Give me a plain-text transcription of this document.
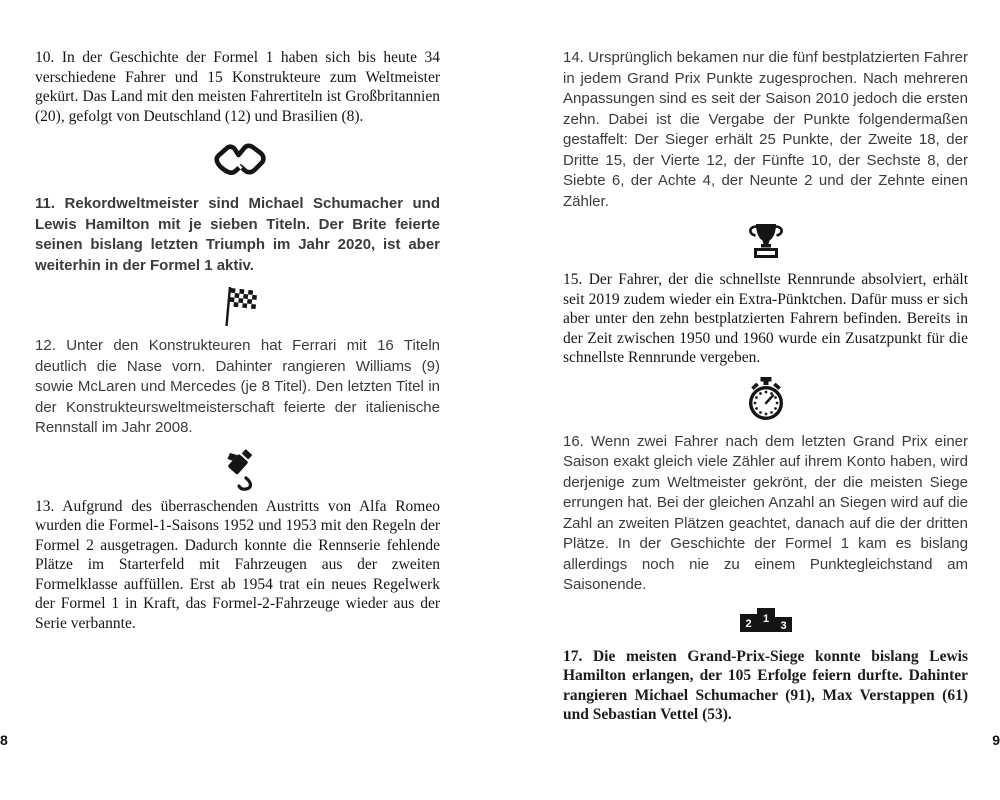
10. In der Geschichte der Formel 1 haben sich bis heute 34 verschiedene Fahrer und 15 Konstrukteure zum Weltmeister gekürt. Das Land mit den meisten Fahrertiteln ist Großbritannien (20), gefolgt von Deutschland (12) und Brasilien (8).

11. Rekordweltmeister sind Michael Schumacher und Lewis Hamilton mit je sieben Titeln. Der Brite feierte seinen bislang letzten Triumph im Jahr 2020, ist aber weiterhin in der Formel 1 aktiv.

12. Unter den Konstrukteuren hat Ferrari mit 16 Titeln deutlich die Nase vorn. Dahinter rangieren Williams (9) sowie McLaren und Mercedes (je 8 Titel). Den letzten Titel in der Konstrukteursweltmeisterschaft feierte der italienische Rennstall im Jahr 2008.

13. Aufgrund des überraschenden Austritts von Alfa Romeo wurden die Formel-1-Saisons 1952 und 1953 mit den Regeln der Formel 2 ausgetragen. Dadurch konnte die Rennserie fehlende Plätze im Starterfeld mit Fahrzeugen aus der zweiten Formelklasse auffüllen. Erst ab 1954 trat ein neues Regelwerk der Formel 1 in Kraft, das Formel-2-Fahrzeuge wieder aus der Serie verbannte.

14. Ursprünglich bekamen nur die fünf bestplatzierten Fahrer in jedem Grand Prix Punkte zugesprochen. Nach mehreren Anpassungen sind es seit der Saison 2010 jedoch die ersten zehn. Dabei ist die Vergabe der Punkte folgendermaßen gestaffelt: Der Sieger erhält 25 Punkte, der Zweite 18, der Dritte 15, der Vierte 12, der Fünfte 10, der Sechste 8, der Siebte 6, der Achte 4, der Neunte 2 und der Zehnte einen Zähler.

15. Der Fahrer, der die schnellste Rennrunde absolviert, erhält seit 2019 zudem wieder ein Extra-Pünktchen. Dafür muss er sich aber unter den zehn bestplatzierten Fahrern befinden. Bereits in der Zeit zwischen 1950 und 1960 wurde ein Zusatzpunkt für die schnellste Rennrunde vergeben.

16. Wenn zwei Fahrer nach dem letzten Grand Prix einer Saison exakt gleich viele Zähler auf ihrem Konto haben, wird derjenige zum Weltmeister gekrönt, der die meisten Siege errungen hat. Bei der gleichen Anzahl an Siegen wird auf die Zahl an zweiten Plätzen geachtet, danach auf die der dritten Plätze. In der Geschichte der Formel 1 kam es bislang allerdings noch nie zu einem Punktegleichstand am Saisonende.

2 1
3

17. Die meisten Grand-Prix-Siege konnte bislang Lewis Hamilton erlangen, der 105 Erfolge feiern durfte. Dahinter rangieren Michael Schumacher (91), Max Verstappen (61) und Sebastian Vettel (53).

8	9
